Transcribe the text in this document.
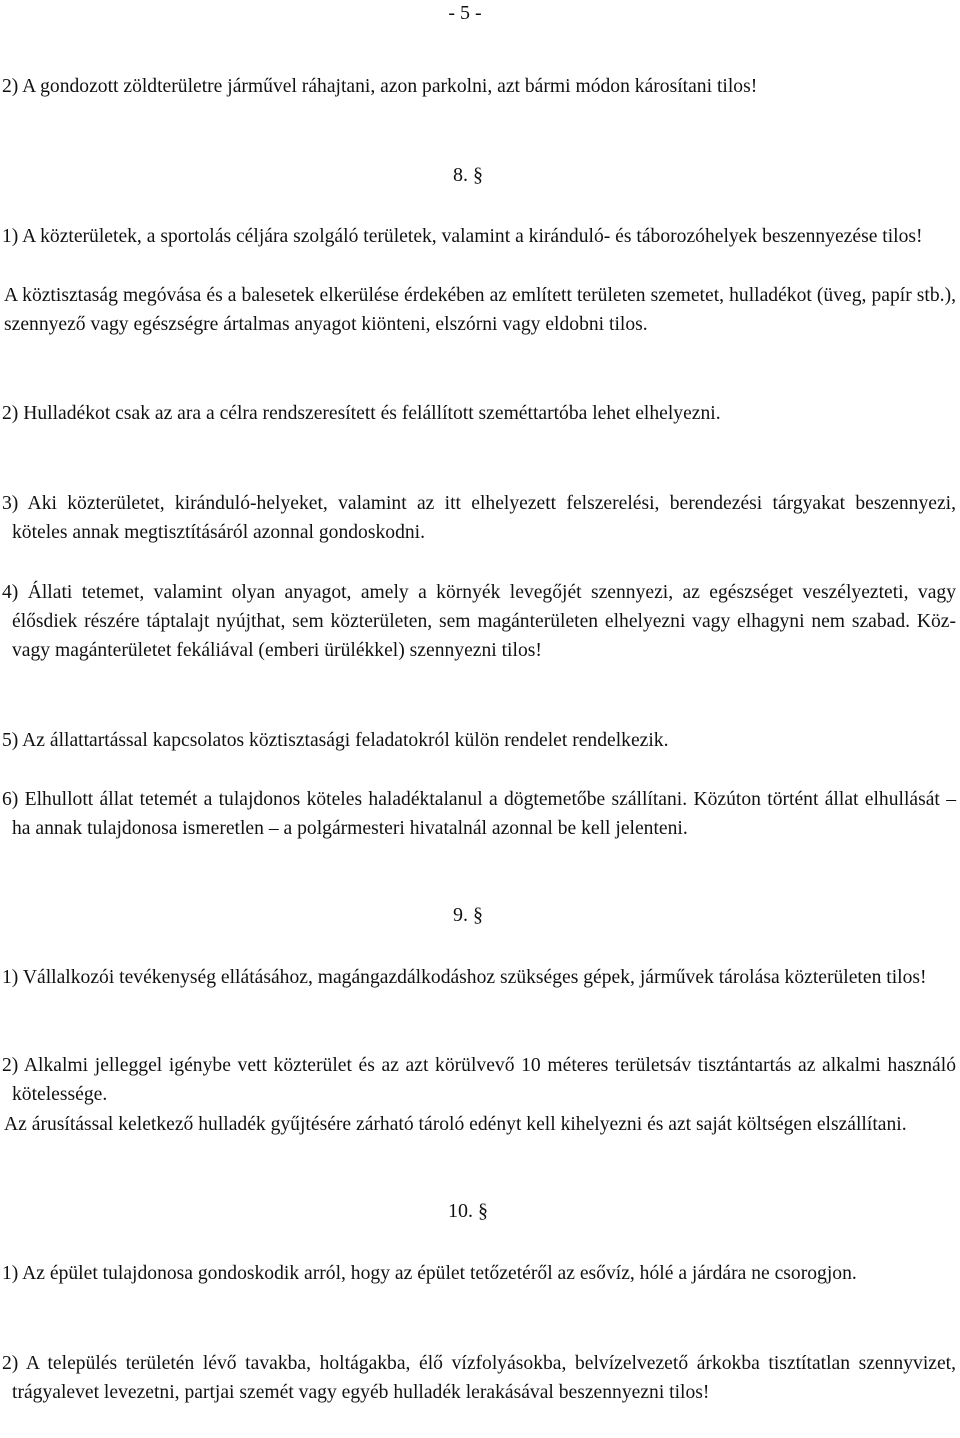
- 5 -
2) A gondozott zöldterületre járművel ráhajtani, azon parkolni, azt bármi módon károsítani tilos!
8. §
1) A közterületek, a sportolás céljára szolgáló területek, valamint a kiránduló- és táborozóhelyek beszennyezése tilos!
A köztisztaság megóvása és a balesetek elkerülése érdekében az említett területen szemetet, hulladékot (üveg, papír stb.), szennyező vagy egészségre ártalmas anyagot kiönteni, elszórni vagy eldobni tilos.
2) Hulladékot csak az ara a célra rendszeresített és felállított szeméttartóba lehet elhelyezni.
3) Aki közterületet, kiránduló-helyeket, valamint az itt elhelyezett felszerelési, berendezési tárgyakat beszennyezi, köteles annak megtisztításáról azonnal gondoskodni.
4) Állati tetemet, valamint olyan anyagot, amely a környék levegőjét szennyezi, az egészséget veszélyezteti, vagy élősdiek részére táptalajt nyújthat, sem közterületen, sem magánterületen elhelyezni vagy elhagyni nem szabad. Köz- vagy magánterületet fekáliával (emberi ürülékkel) szennyezni tilos!
5) Az állattartással kapcsolatos köztisztasági feladatokról külön rendelet rendelkezik.
6) Elhullott állat tetemét a tulajdonos köteles haladéktalanul a dögtemetőbe szállítani. Közúton történt állat elhullását – ha annak tulajdonosa ismeretlen – a polgármesteri hivatalnál azonnal be kell jelenteni.
9. §
1) Vállalkozói tevékenység ellátásához, magángazdálkodáshoz szükséges gépek, járművek tárolása közterületen tilos!
2) Alkalmi jelleggel igénybe vett közterület és az azt körülvevő 10 méteres területsáv tisztántartás az alkalmi használó kötelessége.
Az árusítással keletkező hulladék gyűjtésére zárható tároló edényt kell kihelyezni és azt saját költségen elszállítani.
10. §
1) Az épület tulajdonosa gondoskodik arról, hogy az épület tetőzetéről az esővíz, hólé a járdára ne csorogjon.
2) A település területén lévő tavakba, holtágakba, élő vízfolyásokba, belvízelvezető árkokba tisztítatlan szennyvizet, trágyalevet levezetni, partjai szemét vagy egyéb hulladék lerakásával beszennyezni tilos!
